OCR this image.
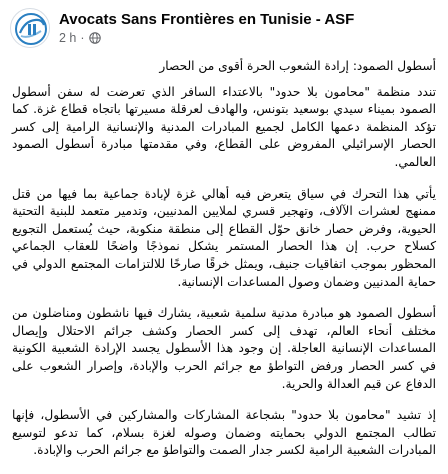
Avocats Sans Frontières en Tunisie - ASF
2 h ·

أسطول الصمود: إرادة الشعوب الحرة أقوى من الحصار

تندد منظمة "محامون بلا حدود" بالاعتداء السافر الذي تعرضت له سفن أسطول الصمود بميناء سيدي بوسعيد بتونس، والهادف لعرقلة مسيرتها باتجاه قطاع غزة. كما تؤكد المنظمة دعمها الكامل لجميع المبادرات المدنية والإنسانية الرامية إلى كسر الحصار الإسرائيلي المفروض على القطاع، وفي مقدمتها مبادرة أسطول الصمود العالمي.

يأتي هذا التحرك في سياق يتعرض فيه أهالي غزة لإبادة جماعية بما فيها من قتل ممنهج لعشرات الآلاف، وتهجير قسري لملايين المدنيين، وتدمير متعمد للبنية التحتية الحيوية، وفرض حصار خانق حوّل القطاع إلى منطقة منكوبة، حيث يُستعمل التجويع كسلاح حرب. إن هذا الحصار المستمر يشكل نموذجًا واضحًا للعقاب الجماعي المحظور بموجب اتفاقيات جنيف، ويمثل خرقًا صارخًا للالتزامات المجتمع الدولي في حماية المدنيين وضمان وصول المساعدات الإنسانية.

أسطول الصمود هو مبادرة مدنية سلمية شعبية، يشارك فيها ناشطون ومناضلون من مختلف أنحاء العالم، تهدف إلى كسر الحصار وكشف جرائم الاحتلال وإيصال المساعدات الإنسانية العاجلة. إن وجود هذا الأسطول يجسد الإرادة الشعبية الكونية في كسر الحصار ورفض التواطؤ مع جرائم الحرب والإبادة، وإصرار الشعوب على الدفاع عن قيم العدالة والحرية.

إذ تشيد "محامون بلا حدود" بشجاعة المشاركات والمشاركين في الأسطول، فإنها تطالب المجتمع الدولي بحمايته وضمان وصوله لغزة بسلام، كما تدعو لتوسيع المبادرات الشعبية الرامية لكسر جدار الصمت والتواطؤ مع جرائم الحرب والإبادة.
